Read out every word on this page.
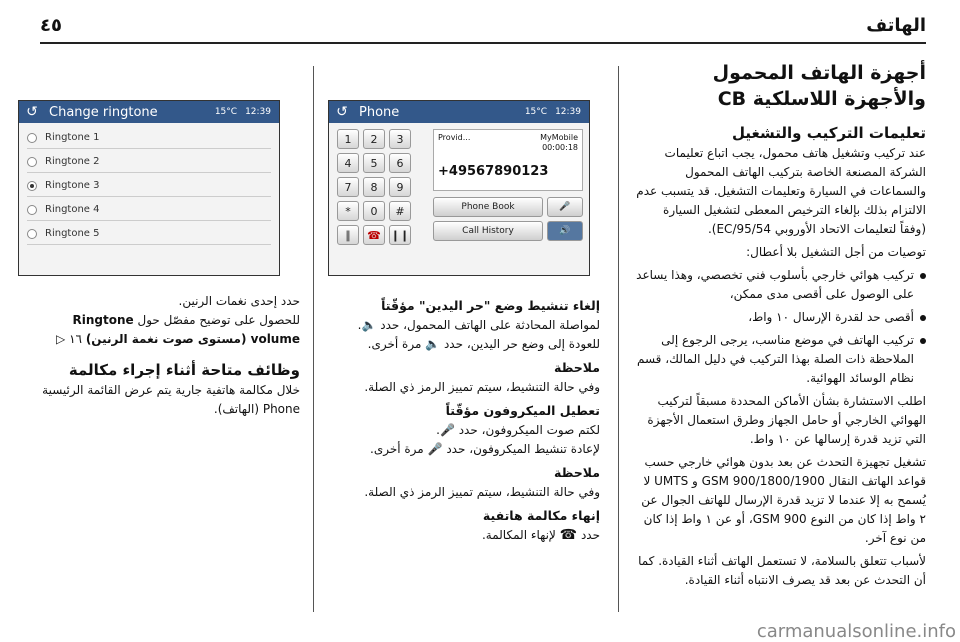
الهاتف
٤٥
أجهزة الهاتف المحمول والأجهزة اللاسلكية CB
تعليمات التركيب والتشغيل

عند تركيب وتشغيل هاتف محمول، يجب اتباع تعليمات الشركة المصنعة الخاصة بتركيب الهاتف المحمول والسماعات في السيارة وتعليمات التشغيل. قد يتسبب عدم الالتزام بذلك بإلغاء الترخيص المعطى لتشغيل السيارة (وفقاً لتعليمات الاتحاد الأوروبي 95/54/EC).

توصيات من أجل التشغيل بلا أعطال:

تركيب هوائي خارجي بأسلوب فني تخصصي، وهذا يساعد على الوصول على أقصى مدى ممكن،

أقصى حد لقدرة الإرسال ١٠ واط،

تركيب الهاتف في موضع مناسب، يرجى الرجوع إلى الملاحظة ذات الصلة بهذا التركيب في دليل المالك، قسم نظام الوسائد الهوائية.

اطلب الاستشارة بشأن الأماكن المحددة مسبقاً لتركيب الهوائي الخارجي أو حامل الجهاز وطرق استعمال الأجهزة التي تزيد قدرة إرسالها عن ١٠ واط.

تشغيل تجهيزة التحدث عن بعد بدون هوائي خارجي حسب قواعد الهاتف النقال GSM 900/1800/1900 و UMTS لا يُسمح به إلا عندما لا تزيد قدرة الإرسال للهاتف الجوال عن ٢ واط إذا كان من النوع GSM 900، أو عن ١ واط إذا كان من نوع آخر.

لأسباب تتعلق بالسلامة، لا تستعمل الهاتف أثناء القيادة. كما أن التحدث عن بعد قد يصرف الانتباه أثناء القيادة.

↺ Phone	15°C 12:39
1	2	3
4	5	6
7	8	9
*	0	#
∥	☎ ❙❙
Provid...	MyMobile
00:00:18
+49567890123
Phone Book	🎤
Call History	🔊
إلغاء تنشيط وضع "حر اليدين" مؤقّتاً

لمواصلة المحادثة على الهاتف المحمول، حدد 🔈.

للعودة إلى وضع حر اليدين، حدد 🔈 مرة أخرى.

ملاحظة

وفي حالة التنشيط، سيتم تمييز الرمز ذي الصلة.

تعطيل الميكروفون مؤقّتاً

لكتم صوت الميكروفون، حدد 🎤.

لإعادة تنشيط الميكروفون، حدد 🎤 مرة أخرى.

ملاحظة

وفي حالة التنشيط، سيتم تمييز الرمز ذي الصلة.

إنهاء مكالمة هاتفية

حدد ☎ لإنهاء المكالمة.

↺ Change ringtone	15°C 12:39
Ringtone 1
Ringtone 2
Ringtone 3
Ringtone 4
Ringtone 5

حدد إحدى نغمات الرنين.

للحصول على توضيح مفصّل حول Ringtone volume (مستوى صوت نغمة الرنين) ١٦ ▷

وظائف متاحة أثناء إجراء مكالمة

خلال مكالمة هاتفية جارية يتم عرض القائمة الرئيسية Phone (الهاتف).

carmanualsonline.info
